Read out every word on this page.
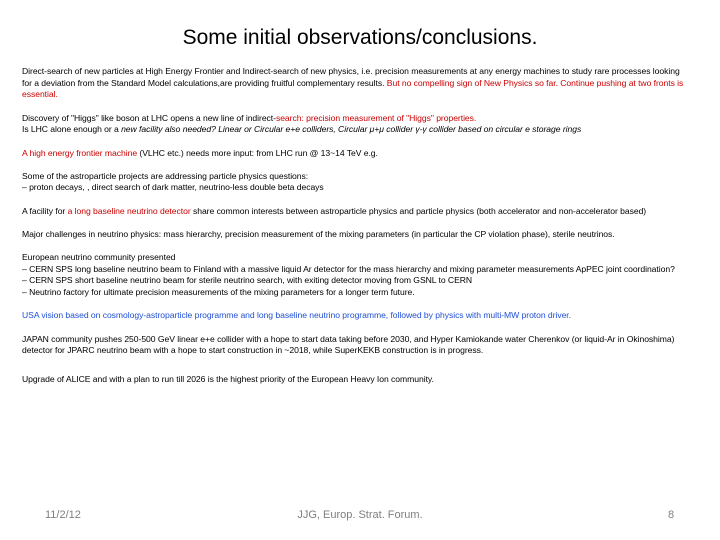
Some initial observations/conclusions.

Direct-search of new particles at High Energy Frontier and Indirect-search of new physics, i.e. precision measurements at any energy machines to study rare processes looking for a deviation from the Standard Model calculations,are providing fruitful complementary results. But no compelling sign of New Physics so far. Continue pushing at two fronts is essential.

Discovery of "Higgs" like boson at LHC opens a new line of indirect-search: precision measurement of "Higgs" properties.
Is LHC alone enough or a new facility also needed? Linear or Circular e+e colliders, Circular μ+μ collider γ-γ collider based on circular e storage rings

A high energy frontier machine (VLHC etc.) needs more input: from LHC run @ 13~14 TeV e.g.

Some of the astroparticle projects are addressing particle physics questions:
– proton decays, , direct search of dark matter, neutrino-less double beta decays

A facility for a long baseline neutrino detector share common interests between astroparticle physics and particle physics (both accelerator and non-accelerator based)

Major challenges in neutrino physics: mass hierarchy, precision measurement of the mixing parameters (in particular the CP violation phase), sterile neutrinos.

European neutrino community presented
– CERN SPS long baseline neutrino beam to Finland with a massive liquid Ar detector for the mass hierarchy and mixing parameter measurements ApPEC joint coordination?
– CERN SPS short baseline neutrino beam for sterile neutrino search, with exiting detector moving from GSNL to CERN
– Neutrino factory for ultimate precision measurements of the mixing parameters for a longer term future.

USA vision based on cosmology-astroparticle programme and long baseline neutrino programme, followed by physics with multi-MW proton driver.

JAPAN community pushes 250-500 GeV linear e+e collider with a hope to start data taking before 2030, and Hyper Kamiokande water Cherenkov (or liquid-Ar in Okinoshima) detector for JPARC neutrino beam with a hope to start construction in ~2018, while SuperKEKB construction is in progress.

Upgrade of ALICE and with a plan to run till 2026 is the highest priority of the European Heavy Ion community.

11/2/12	JJG, Europ. Strat. Forum.	8
